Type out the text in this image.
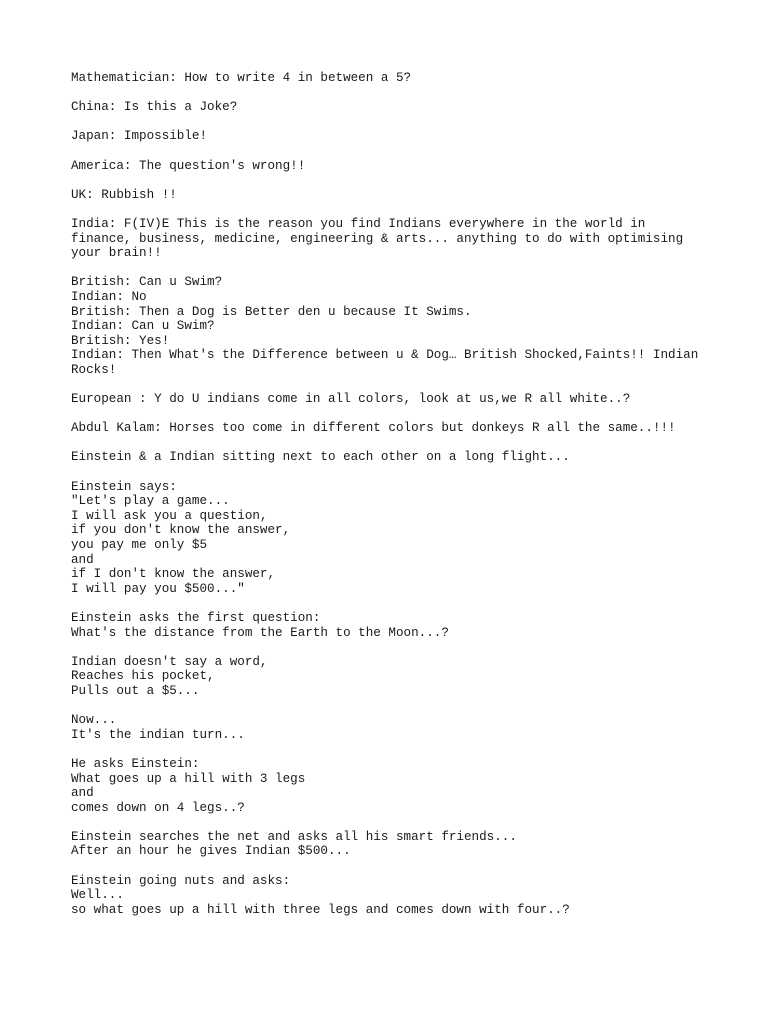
Mathematician: How to write 4 in between a 5?
China: Is this a Joke?
Japan: Impossible!
America: The question's wrong!!
UK: Rubbish !!
India: F(IV)E This is the reason you find Indians everywhere in the world in finance, business, medicine, engineering & arts... anything to do with optimising your brain!!
British: Can u Swim?
Indian: No
British: Then a Dog is Better den u because It Swims.
Indian: Can u Swim?
British: Yes!
Indian: Then What's the Difference between u & Dog… British Shocked,Faints!! Indian Rocks!
European : Y do U indians come in all colors, look at us,we R all white..?
Abdul Kalam: Horses too come in different colors but donkeys R all the same..!!!
Einstein & a Indian sitting next to each other on a long flight...
Einstein says:
"Let's play a game...
I will ask you a question,
if you don't know the answer,
you pay me only $5
and
if I don't know the answer,
I will pay you $500..."
Einstein asks the first question:
What's the distance from the Earth to the Moon...?
Indian doesn't say a word,
Reaches his pocket,
Pulls out a $5...
Now...
It's the indian turn...
He asks Einstein:
What goes up a hill with 3 legs
and
comes down on 4 legs..?
Einstein searches the net and asks all his smart friends...
After an hour he gives Indian $500...
Einstein going nuts and asks:
Well...
so what goes up a hill with three legs and comes down with four..?
